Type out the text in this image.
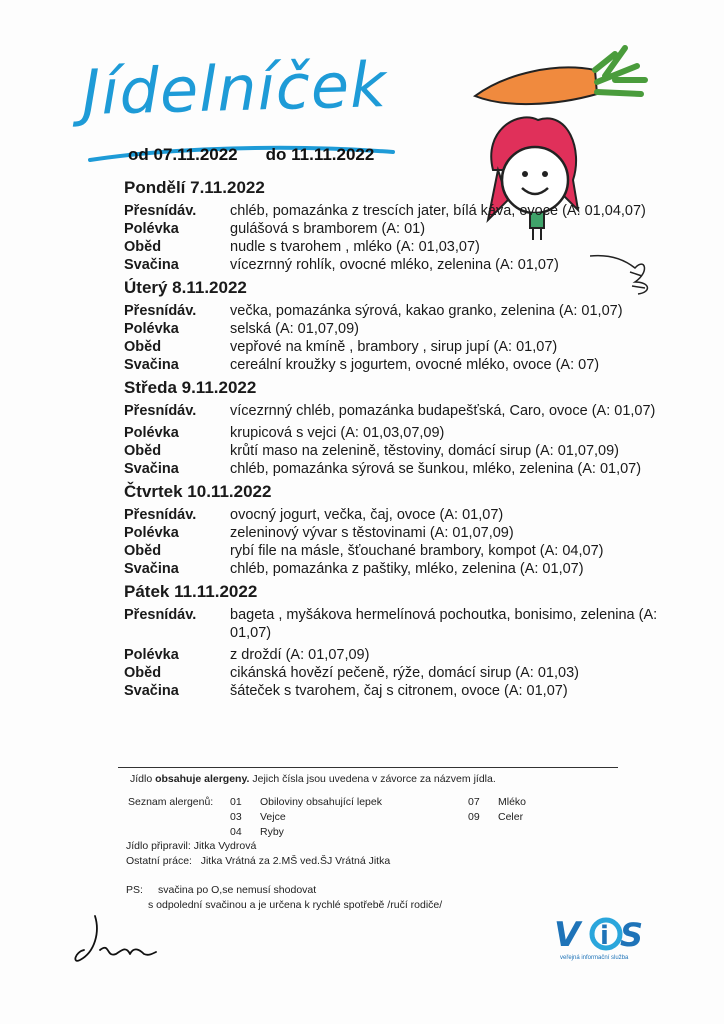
Jídelníček
od 07.11.2022 do 11.11.2022
Pondělí 7.11.2022
Přesnídáv.	chléb, pomazánka z trescích jater, bílá káva, ovoce (A: 01,04,07)
Polévka	gulášová s bramborem (A: 01)
Oběd	nudle s tvarohem , mléko (A: 01,03,07)
Svačina	vícezrnný rohlík, ovocné mléko, zelenina (A: 01,07)
Úterý 8.11.2022
Přesnídáv.	večka, pomazánka sýrová, kakao granko, zelenina (A: 01,07)
Polévka	selská (A: 01,07,09)
Oběd	vepřové na kmíně , brambory , sirup jupí (A: 01,07)
Svačina	cereální kroužky s jogurtem, ovocné mléko, ovoce (A: 07)
Středa 9.11.2022
Přesnídáv.	vícezrnný chléb, pomazánka budapešťská, Caro, ovoce (A: 01,07)
Polévka	krupicová s vejci (A: 01,03,07,09)
Oběd	krůtí maso na zelenině, těstoviny, domácí sirup (A: 01,07,09)
Svačina	chléb, pomazánka sýrová se šunkou, mléko, zelenina (A: 01,07)
Čtvrtek 10.11.2022
Přesnídáv.	ovocný jogurt, večka, čaj, ovoce (A: 01,07)
Polévka	zeleninový vývar s těstovinami (A: 01,07,09)
Oběd	rybí file na másle, šťouchané brambory, kompot (A: 04,07)
Svačina	chléb, pomazánka z paštiky, mléko, zelenina (A: 01,07)
Pátek 11.11.2022
Přesnídáv.	bageta , myšákova hermelínová pochoutka, bonisimo, zelenina (A: 01,07)
Polévka	z droždí (A: 01,07,09)
Oběd	cikánská hovězí pečeně, rýže, domácí sirup (A: 01,03)
Svačina	šáteček s tvarohem, čaj s citronem, ovoce (A: 01,07)
Jídlo obsahuje alergeny. Jejich čísla jsou uvedena v závorce za názvem jídla.
Seznam alergenů: 01 Obiloviny obsahující lepek
03 Vejce
04 Ryby
07 Mléko
09 Celer
Jídlo připravil: Jitka Vydrová
Ostatní práce: Jitka Vrátná za 2.MŠ ved.ŠJ Vrátná Jitka
PS: svačina po O,se nemusí shodovat
s odpolední svačinou a je určena k rychlé spotřebě /ručí rodiče/
V i S
veřejná informační služba
